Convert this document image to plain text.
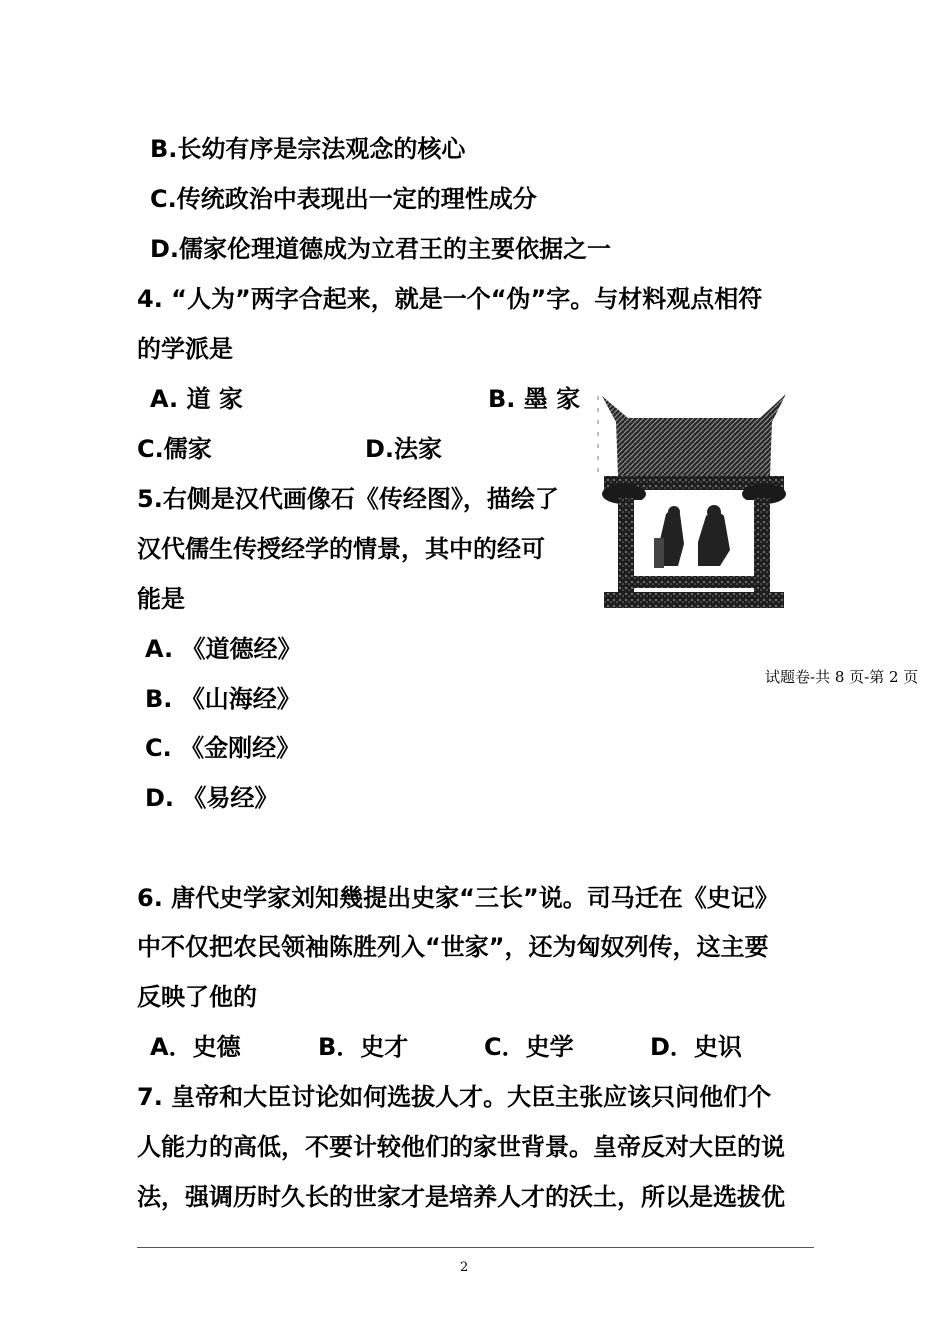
B.长幼有序是宗法观念的核心
C.传统政治中表现出一定的理性成分
D.儒家伦理道德成为立君王的主要依据之一
4. “人为”两字合起来，就是一个“伪”字。与材料观点相符
的学派是
A. 道 家	B. 墨 家
C.儒家	D.法家
5.右侧是汉代画像石《传经图》，描绘了
汉代儒生传授经学的情景，其中的经可
能是
试题卷-共 8 页-第 2 页
A. 《道德经》
B. 《山海经》
C. 《金刚经》
D. 《易经》
6. 唐代史学家刘知幾提出史家“三长”说。司马迁在《史记》
中不仅把农民领袖陈胜列入“世家”，还为匈奴列传，这主要
反映了他的
A．史德	B．史才	C．史学	D．史识
7. 皇帝和大臣讨论如何选拔人才。大臣主张应该只问他们个
人能力的高低，不要计较他们的家世背景。皇帝反对大臣的说
法，强调历时久长的世家才是培养人才的沃土，所以是选拔优
2
